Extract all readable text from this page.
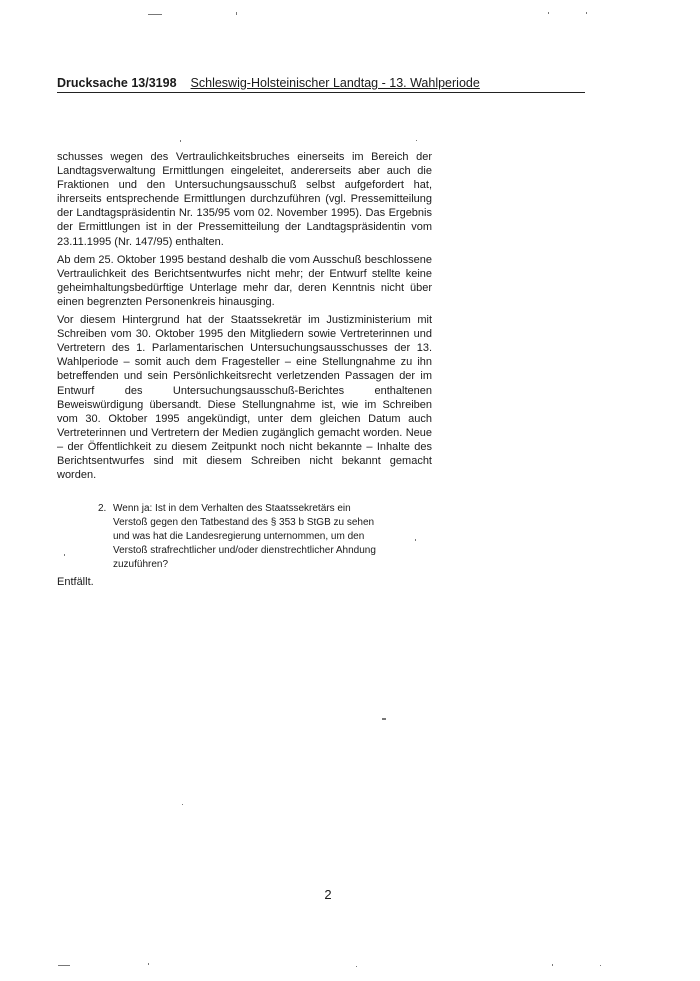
Drucksache 13/3198 Schleswig-Holsteinischer Landtag - 13. Wahlperiode

schusses wegen des Vertraulichkeitsbruches einerseits im Bereich der Landtagsverwaltung Ermittlungen eingeleitet, andererseits aber auch die Fraktionen und den Untersuchungsausschuß selbst aufgefordert hat, ihrerseits entsprechende Ermittlungen durchzuführen (vgl. Pressemitteilung der Landtagspräsidentin Nr. 135/95 vom 02. November 1995). Das Ergebnis der Ermittlungen ist in der Pressemitteilung der Landtagspräsidentin vom 23.11.1995 (Nr. 147/95) enthalten.

Ab dem 25. Oktober 1995 bestand deshalb die vom Ausschuß beschlossene Vertraulichkeit des Berichtsentwurfes nicht mehr; der Entwurf stellte keine geheimhaltungsbedürftige Unterlage mehr dar, deren Kenntnis nicht über einen begrenzten Personenkreis hinausging.

Vor diesem Hintergrund hat der Staatssekretär im Justizministerium mit Schreiben vom 30. Oktober 1995 den Mitgliedern sowie Vertreterinnen und Vertretern des 1. Parlamentarischen Untersuchungsausschusses der 13. Wahlperiode – somit auch dem Fragesteller – eine Stellungnahme zu ihn betreffenden und sein Persönlichkeitsrecht verletzenden Passagen der im Entwurf des Untersuchungsausschuß-Berichtes enthaltenen Beweiswürdigung übersandt. Diese Stellungnahme ist, wie im Schreiben vom 30. Oktober 1995 angekündigt, unter dem gleichen Datum auch Vertreterinnen und Vertretern der Medien zugänglich gemacht worden. Neue – der Öffentlichkeit zu diesem Zeitpunkt noch nicht bekannte – Inhalte des Berichtsentwurfes sind mit diesem Schreiben nicht bekannt gemacht worden.

2. Wenn ja: Ist in dem Verhalten des Staatssekretärs ein Verstoß gegen den Tatbestand des § 353 b StGB zu sehen und was hat die Landesregierung unternommen, um den Verstoß strafrechtlicher und/oder dienstrechtlicher Ahndung zuzuführen?
Entfällt.
2
